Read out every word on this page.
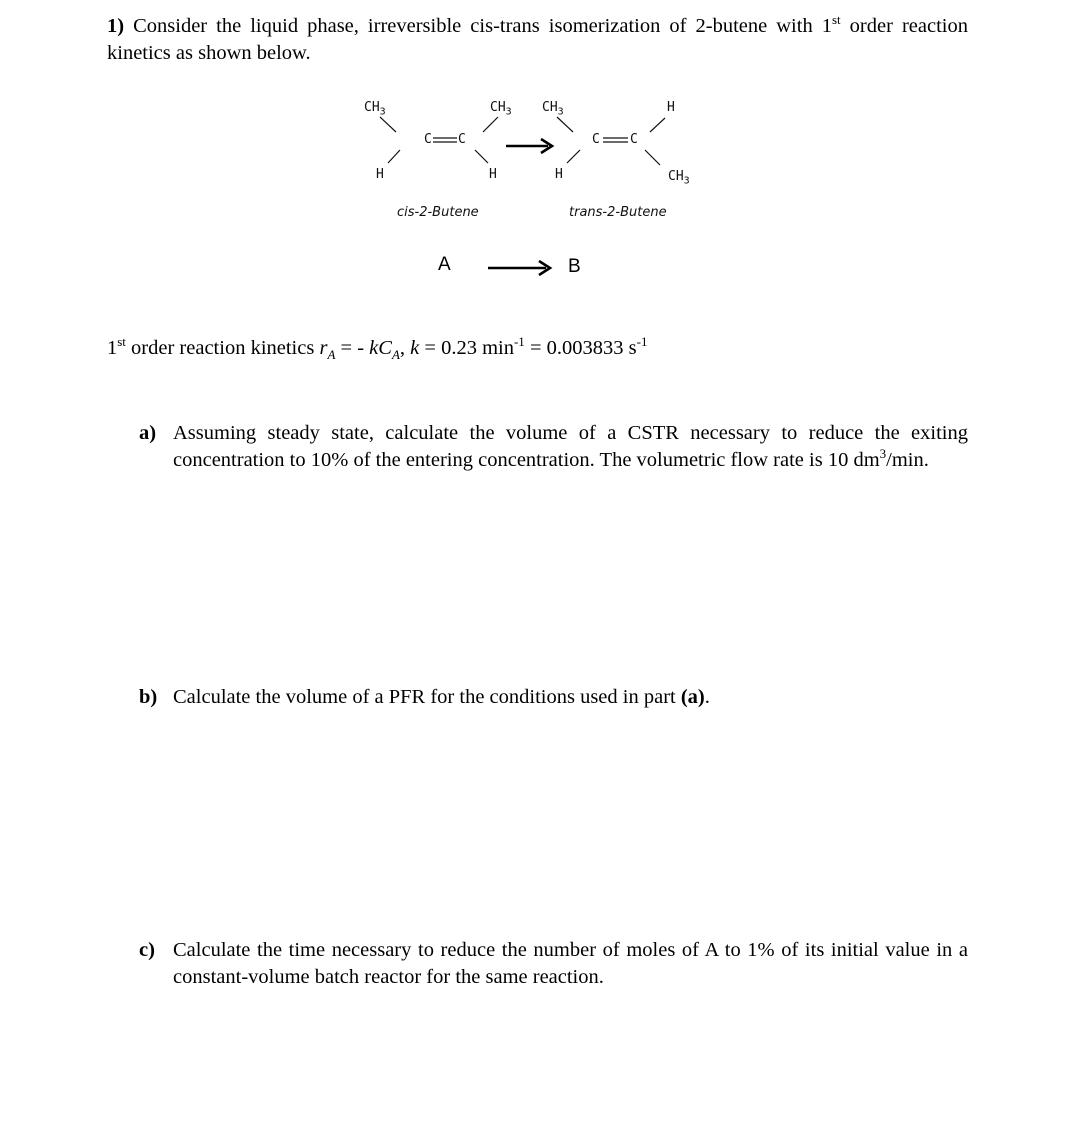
1) Consider the liquid phase, irreversible cis-trans isomerization of 2-butene with 1st order reaction kinetics as shown below.
$CH_3$	$CH_3$
C C
H	H
cis-2-Butene
$CH_3$	H
C C
H	$CH_3$
trans-2-Butene
A	B
1st order reaction kinetics $r_A$ = - $kC_A$, k = 0.23 $\min^{-1} = 0.003833$ $s^{-1}$
a) Assuming steady state, calculate the volume of a CSTR necessary to reduce the exiting concentration to 10% of the entering concentration. The volumetric flow rate is 10 $dm^3/\min$.
b) Calculate the volume of a PFR for the conditions used in part (a).
c) Calculate the time necessary to reduce the number of moles of A to 1% of its initial value in a constant-volume batch reactor for the same reaction.
